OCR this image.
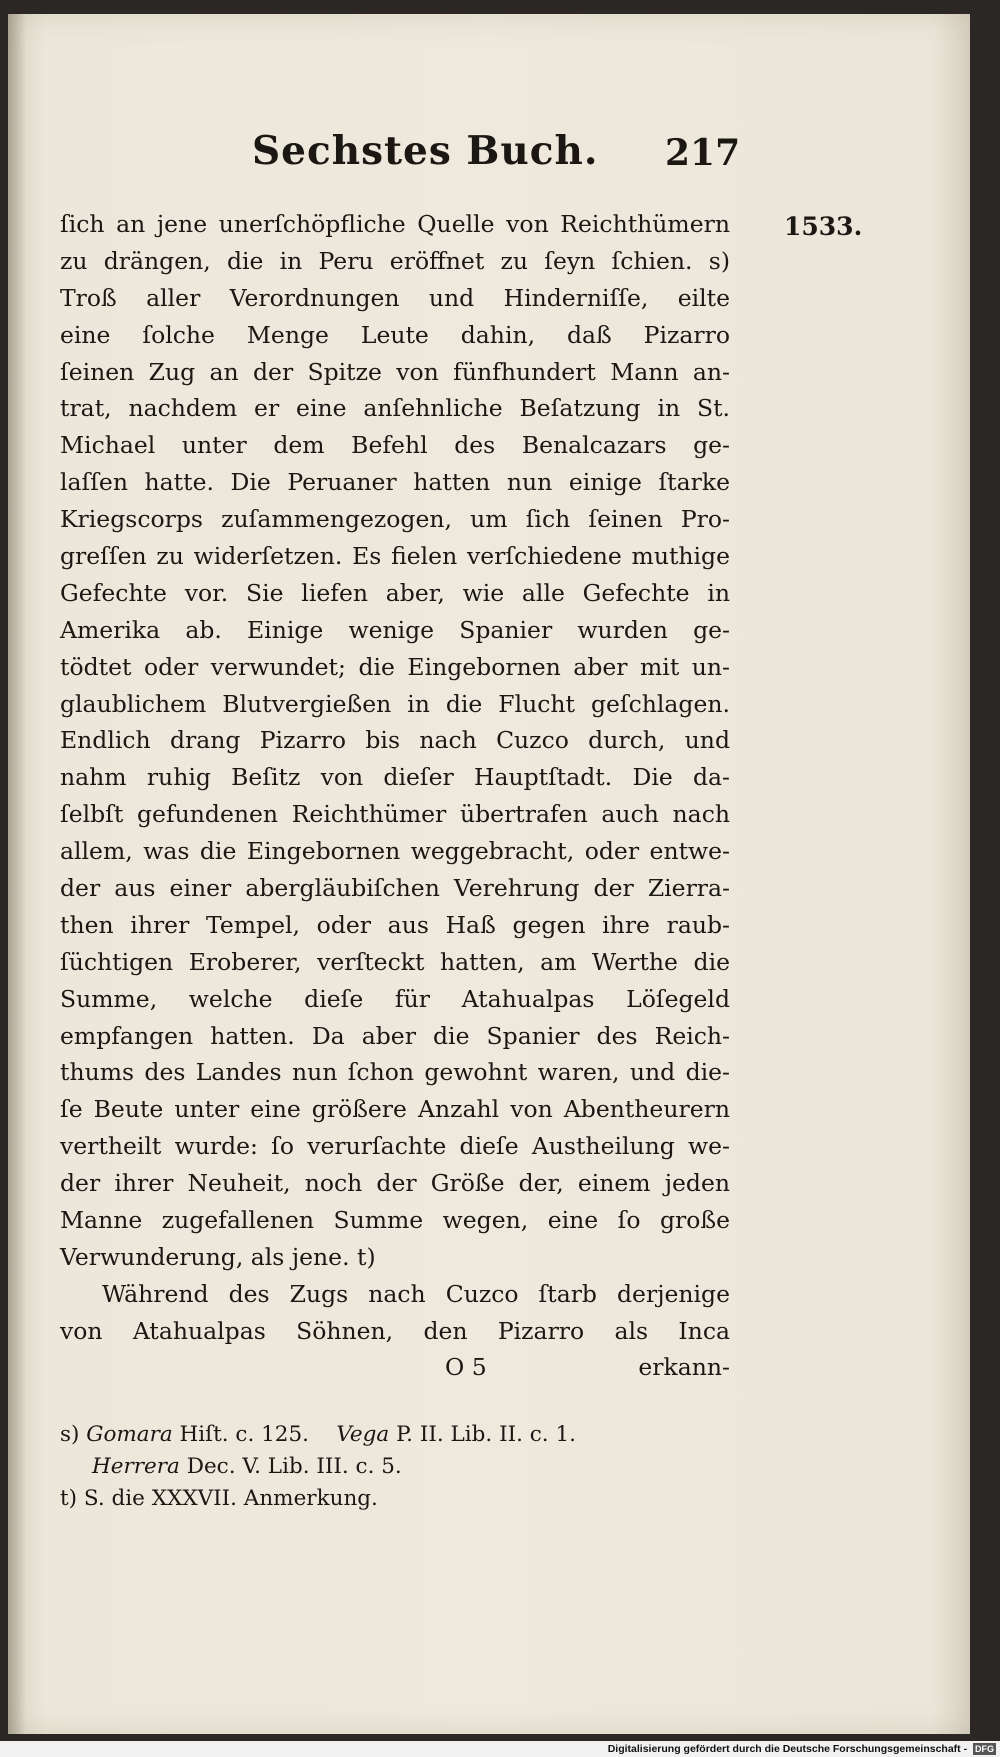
Sechstes Buch. 217
1533.
ſich an jene unerſchöpfliche Quelle von Reichthümern
zu drängen, die in Peru eröffnet zu ſeyn ſchien. s)
Troß aller Verordnungen und Hinderniſſe, eilte
eine ſolche Menge Leute dahin, daß Pizarro
ſeinen Zug an der Spitze von fünfhundert Mann an-
trat, nachdem er eine anſehnliche Beſatzung in St.
Michael unter dem Befehl des Benalcazars ge-
laſſen hatte. Die Peruaner hatten nun einige ſtarke
Kriegscorps zuſammengezogen, um ſich ſeinen Pro-
greſſen zu widerſetzen. Es fielen verſchiedene muthige
Gefechte vor. Sie liefen aber, wie alle Gefechte in
Amerika ab. Einige wenige Spanier wurden ge-
tödtet oder verwundet; die Eingebornen aber mit un-
glaublichem Blutvergießen in die Flucht geſchlagen.
Endlich drang Pizarro bis nach Cuzco durch, und
nahm ruhig Beſitz von dieſer Hauptſtadt. Die da-
ſelbſt gefundenen Reichthümer übertrafen auch nach
allem, was die Eingebornen weggebracht, oder entwe-
der aus einer abergläubiſchen Verehrung der Zierra-
then ihrer Tempel, oder aus Haß gegen ihre raub-
ſüchtigen Eroberer, verſteckt hatten, am Werthe die
Summe, welche dieſe für Atahualpas Löſegeld
empfangen hatten. Da aber die Spanier des Reich-
thums des Landes nun ſchon gewohnt waren, und die-
ſe Beute unter eine größere Anzahl von Abentheurern
vertheilt wurde: ſo verurſachte dieſe Austheilung we-
der ihrer Neuheit, noch der Größe der, einem jeden
Manne zugefallenen Summe wegen, eine ſo große
Verwunderung, als jene. t)
Während des Zugs nach Cuzco ſtarb derjenige
von Atahualpas Söhnen, den Pizarro als Inca
O 5	erkann-
s) Gomara Hiſt. c. 125. Vega P. II. Lib. II. c. 1.
Herrera Dec. V. Lib. III. c. 5.
t) S. die XXXVII. Anmerkung.
Digitalisierung gefördert durch die Deutsche Forschungsgemeinschaft - DFG
